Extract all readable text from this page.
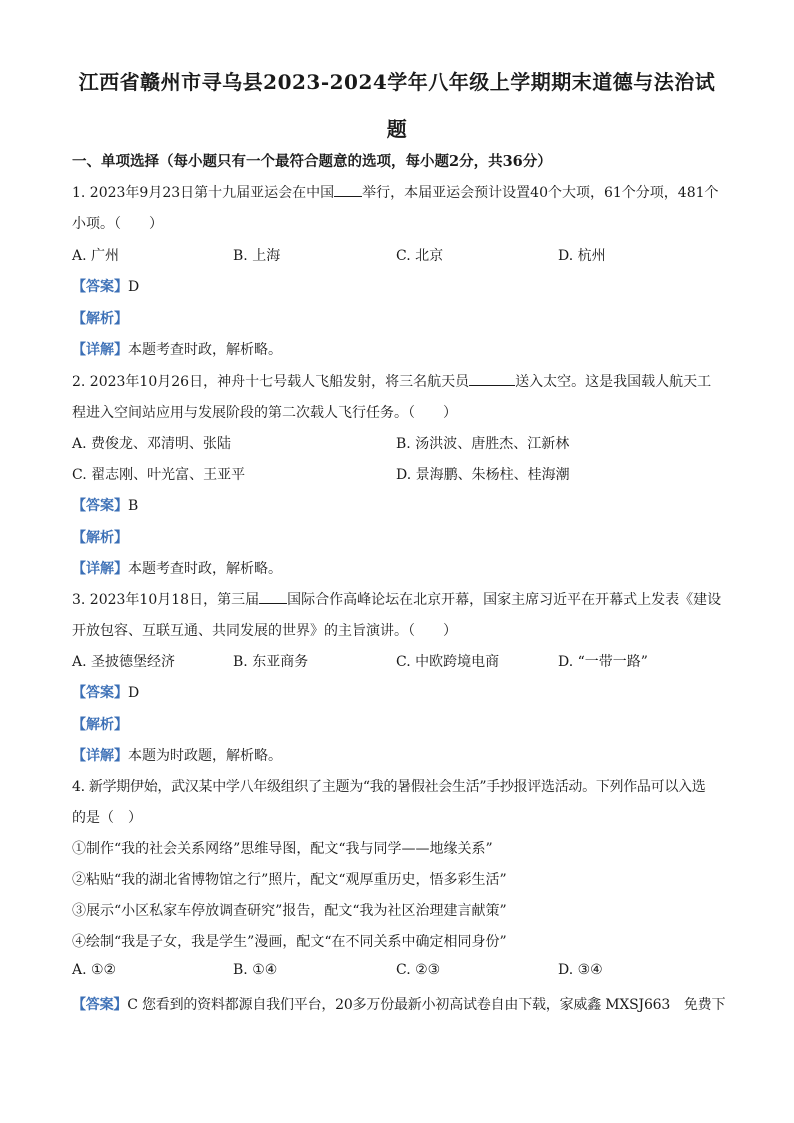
江西省赣州市寻乌县2023-2024学年八年级上学期期末道德与法治试
题
一、单项选择（每小题只有一个最符合题意的选项，每小题2分，共36分）
1. 2023年9月23日第十九届亚运会在中国 举行，本届亚运会预计设置40个大项，61个分项，481个
小项。（　　）
A. 广州	B. 上海	C. 北京	D. 杭州
【答案】D
【解析】
【详解】本题考查时政，解析略。
2. 2023年10月26日，神舟十七号载人飞船发射，将三名航天员	送入太空。这是我国载人航天工
程进入空间站应用与发展阶段的第二次载人飞行任务。（　　）
A. 费俊龙、邓清明、张陆	B. 汤洪波、唐胜杰、江新林
C. 翟志刚、叶光富、王亚平	D. 景海鹏、朱杨柱、桂海潮
【答案】B
【解析】
【详解】本题考查时政，解析略。
3. 2023年10月18日，第三届 国际合作高峰论坛在北京开幕，国家主席习近平在开幕式上发表《建设
开放包容、互联互通、共同发展的世界》的主旨演讲。（　　）
A. 圣披德堡经济	B. 东亚商务	C. 中欧跨境电商	D. “一带一路”
【答案】D
【解析】
【详解】本题为时政题，解析略。
4. 新学期伊始，武汉某中学八年级组织了主题为“我的暑假社会生活”手抄报评选活动。下列作品可以入选
的是（　）
①制作“我的社会关系网络”思维导图，配文“我与同学——地缘关系”
②粘贴“我的湖北省博物馆之行”照片，配文“观厚重历史，悟多彩生活”
③展示“小区私家车停放调查研究”报告，配文“我为社区治理建言献策”
④绘制“我是子女，我是学生”漫画，配文“在不同关系中确定相同身份”
A. ①②	B. ①④	C. ②③	D. ③④
【答案】C 您看到的资料都源自我们平台，20多万份最新小初高试卷自由下载，家威鑫 MXSJ663　免费下
